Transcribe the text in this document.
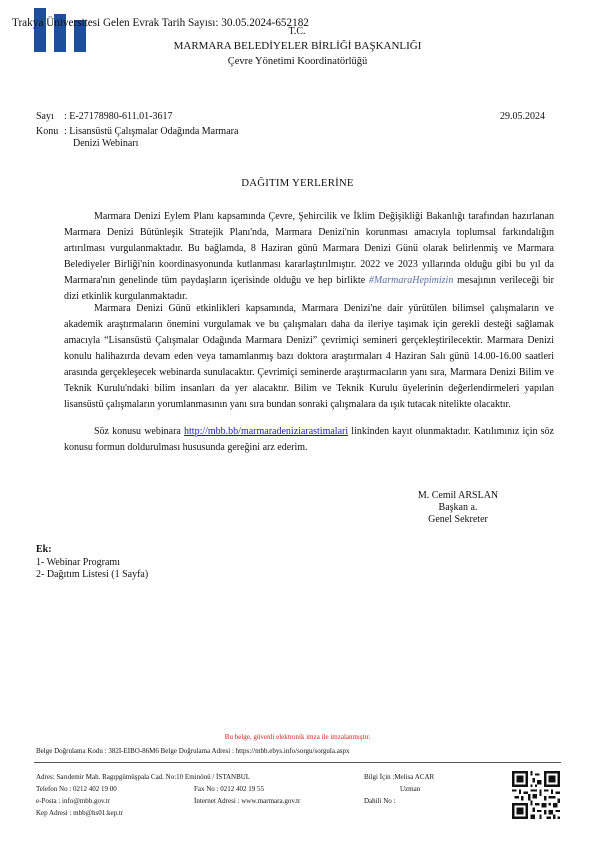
Trakya Üniversitesi Gelen Evrak Tarih Sayısı: 30.05.2024-652182
T.C.
MARMARA BELEDİYELER BİRLİĞİ BAŞKANLIĞI
Çevre Yönetimi Koordinatörlüğü
Sayı : E-27178980-611.01-3617	29.05.2024
Konu : Lisansüstü Çalışmalar Odağında Marmara
Denizi Webinarı
DAĞITIM YERLERİNE
Marmara Denizi Eylem Planı kapsamında Çevre, Şehircilik ve İklim Değişikliği Bakanlığı tarafından hazırlanan Marmara Denizi Bütünleşik Stratejik Planı'nda, Marmara Denizi'nin korunması amacıyla toplumsal farkındalığın artırılması vurgulanmaktadır. Bu bağlamda, 8 Haziran günü Marmara Denizi Günü olarak belirlenmiş ve Marmara Belediyeler Birliği'nin koordinasyonunda kutlanması kararlaştırılmıştır. 2022 ve 2023 yıllarında olduğu gibi bu yıl da Marmara'nın genelinde tüm paydaşların içerisinde olduğu ve hep birlikte #MarmaraHepimizin mesajının verileceği bir dizi etkinlik kurgulanmaktadır.
Marmara Denizi Günü etkinlikleri kapsamında, Marmara Denizi'ne dair yürütülen bilimsel çalışmaların ve akademik araştırmaların önemini vurgulamak ve bu çalışmaları daha da ileriye taşımak için gerekli desteği sağlamak amacıyla “Lisansüstü Çalışmalar Odağında Marmara Denizi” çevrimiçi semineri gerçekleştirilecektir. Marmara Denizi konulu halihazırda devam eden veya tamamlanmış bazı doktora araştırmaları 4 Haziran Salı günü 14.00-16.00 saatleri arasında gerçekleşecek webinarda sunulacaktır. Çevrimiçi seminerde araştırmacıların yanı sıra, Marmara Denizi Bilim ve Teknik Kurulu'ndaki bilim insanları da yer alacaktır. Bilim ve Teknik Kurulu üyelerinin değerlendirmeleri yapılan lisansüstü çalışmaların yorumlanmasının yanı sıra bundan sonraki çalışmalara da ışık tutacak nitelikte olacaktır.
Söz konusu webinara http://mbb.bb/marmaradeniziarastimalari linkinden kayıt olunmaktadır. Katılımınız için söz konusu formun doldurulması hususunda gereğini arz ederim.
M. Cemil ARSLAN
Başkan a.
Genel Sekreter
Ek:
1- Webinar Programı
2- Dağıtım Listesi (1 Sayfa)
Bu belge, güvenli elektronik imza ile imzalanmıştır.
Belge Doğrulama Kodu : 382I-EIBO-86M6 Belge Doğrulama Adresi : https://mbb.ebys.info/sorgu/sorgula.aspx
Adres: Sarıdemir Mah. Ragıpgümüşpala Cad. No:10 Eminönü / İSTANBUL
Telefon No : 0212 402 19 00
e-Posta : info@mbb.gov.tr
Kep Adresi : mbb@hs01.kep.tr
Fax No : 0212 402 19 55
İnternet Adresi : www.marmara.gov.tr
Bilgi İçin :Melisa ACAR
Uzman
Dahili No :
